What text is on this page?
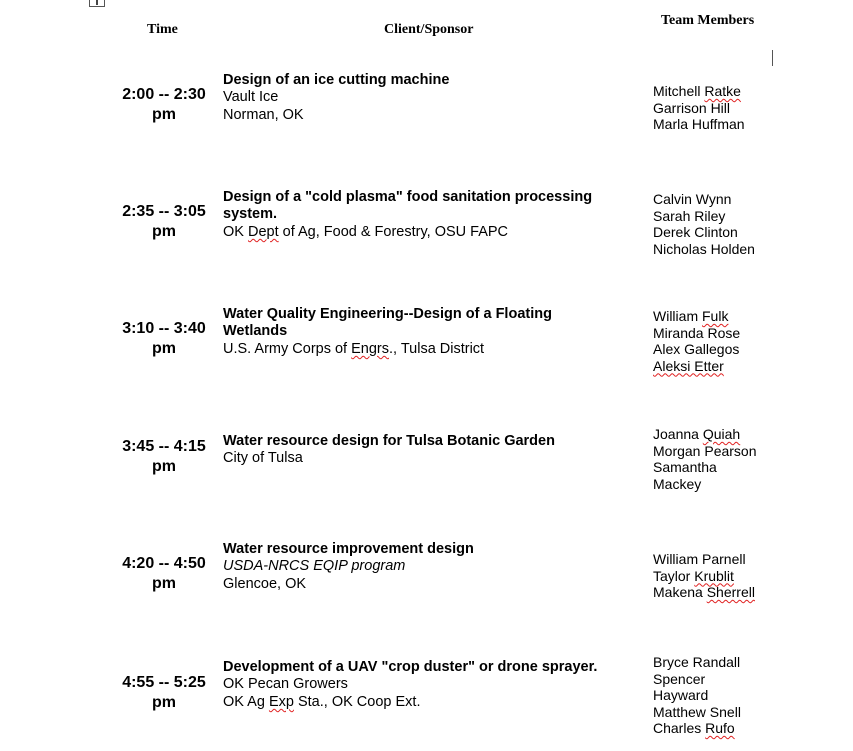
Time	Client/Sponsor
Team Members
2:00 -- 2:30
pm
Design of an ice cutting machine
Vault Ice
Norman, OK
Mitchell Ratke
Garrison Hill
Marla Huffman
2:35 -- 3:05
pm
Design of a "cold plasma" food sanitation processing
system.
OK Dept of Ag, Food & Forestry, OSU FAPC
Calvin Wynn
Sarah Riley
Derek Clinton
Nicholas Holden
3:10 -- 3:40
pm
Water Quality Engineering--Design of a Floating
Wetlands
U.S. Army Corps of Engrs., Tulsa District
William Fulk
Miranda Rose
Alex Gallegos
Aleksi Etter
3:45 -- 4:15
pm
Water resource design for Tulsa Botanic Garden
City of Tulsa
Joanna Quiah
Morgan Pearson
Samantha
Mackey
4:20 -- 4:50
pm
Water resource improvement design
USDA-NRCS EQIP program
Glencoe, OK
William Parnell
Taylor Krublit
Makena Sherrell
4:55 -- 5:25
pm
Development of a UAV "crop duster" or drone sprayer.
OK Pecan Growers
OK Ag Exp Sta., OK Coop Ext.
Bryce Randall
Spencer
Hayward
Matthew Snell
Charles Rufo
